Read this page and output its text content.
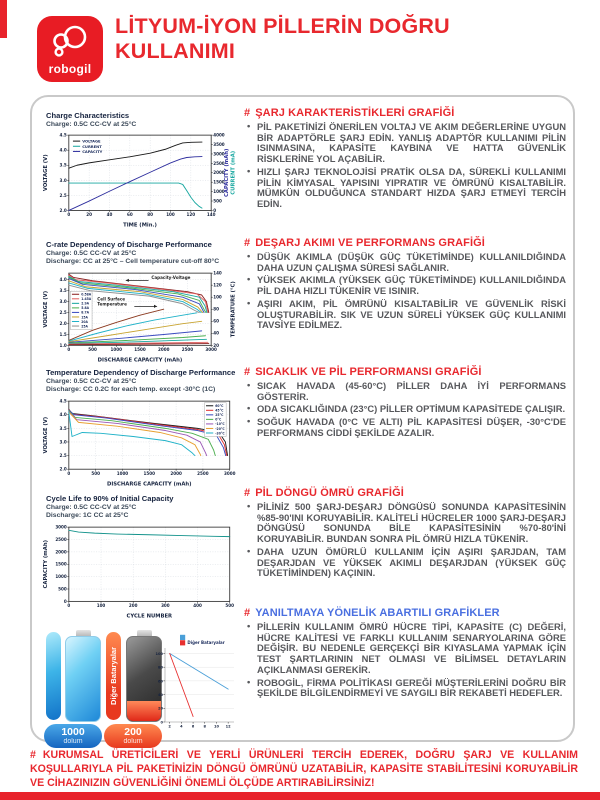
robogil
LİTYUM-İYON PİLLERİN DOĞRU
KULLANIMI
Charge Characteristics
Charge: 0.5C CC-CV at 25°C
0	20	40	60	80	100	120	140
2.0
2.5
3.0
3.5
4.0
4.5
0
500
1000
1500
2000
2500
3000
3500
4000
TIME (Min.)
VOLTAGE (V)	CAPACITY (mAh) CURRENT (mA)
VOLTAGE
CURRENT
CAPACITY
C-rate Dependency of Discharge Performance
Charge: 0.5C CC-CV at 25°C
Discharge: CC at 25°C – Cell temperature cut-off 80°C
0	500	1000	1500	2000	2500	3000
1.0
1.5
2.0
2.5
3.0
3.5
4.0
20
40
60
80
100
120
140
DISCHARGE CAPACITY (mAh)
VOLTAGE (V)	TEMPERATURE (°C)
0.58A
1.45A
2.9A
5.8A
8.7A
15A
20A
25A
Capacity-Voltage
Cell Surface
Temperature
Temperature Dependency of Discharge Performance
Charge: 0.5C CC-CV at 25°C
Discharge: CC 0.2C for each temp. except -30°C (1C)
0	500	1000	1500	2000	2500	3000
2.0
2.5
3.0
3.5
4.0
4.5
DISCHARGE CAPACITY (mAh)
VOLTAGE (V)
60°C
45°C
25°C
0°C
-10°C
-20°C
-30°C
Cycle Life to 90% of Initial Capacity
Charge: 0.5C CC-CV at 25°C
Discharge: 1C CC at 25°C
0	100	200	300	400	500
0
500
1000
1500
2000
2500
3000
CYCLE NUMBER
CAPACITY (mAh)
Diğer Bataryalar
1000
dolum
200
dolum
2	4	6	8 10 12
0
20
40
60
80
100
Diğer Bataryalar
# ŞARJ KARAKTERİSTİKLERİ GRAFİĞİ
• PİL PAKETİNİZİ ÖNERİLEN VOLTAJ VE AKIM DEĞERLERİNE UYGUN BİR ADAPTÖRLE ŞARJ EDİN. YANLIŞ ADAPTÖR KULLANIMI PİLİN ISINMASINA, KAPASİTE KAYBINA VE HATTA GÜVENLİK RİSKLERİNE YOL AÇABİLİR.
• HIZLI ŞARJ TEKNOLOJİSİ PRATİK OLSA DA, SÜREKLİ KULLANIMI PİLİN KİMYASAL YAPISINI YIPRATIR VE ÖMRÜNÜ KISALTABİLİR. MÜMKÜN OLDUĞUNCA STANDART HIZDA ŞARJ ETMEYİ TERCİH EDİN.
# DEŞARJ AKIMI VE PERFORMANS GRAFİĞİ
• DÜŞÜK AKIMLA (DÜŞÜK GÜÇ TÜKETİMİNDE) KULLANILDIĞINDA DAHA UZUN ÇALIŞMA SÜRESİ SAĞLANIR.
• YÜKSEK AKIMLA (YÜKSEK GÜÇ TÜKETİMİNDE) KULLANILDIĞINDA PİL DAHA HIZLI TÜKENİR VE ISINIR.
• AŞIRI AKIM, PİL ÖMRÜNÜ KISALTABİLİR VE GÜVENLİK RİSKİ OLUŞTURABİLİR. SIK VE UZUN SÜRELİ YÜKSEK GÜÇ KULLANIMI TAVSİYE EDİLMEZ.
# SICAKLIK VE PİL PERFORMANSI GRAFİĞİ
• SICAK HAVADA (45-60°C) PİLLER DAHA İYİ PERFORMANS GÖSTERİR.
• ODA SICAKLIĞINDA (23°C) PİLLER OPTİMUM KAPASİTEDE ÇALIŞIR.
• SOĞUK HAVADA (0°C VE ALTI) PİL KAPASİTESİ DÜŞER, -30°C'DE PERFORMANS CİDDİ ŞEKİLDE AZALIR.
# PİL DÖNGÜ ÖMRÜ GRAFİĞİ
• PİLİNİZ 500 ŞARJ-DEŞARJ DÖNGÜSÜ SONUNDA KAPASİTESİNİN %85-90'INI KORUYABİLİR. KALİTELİ HÜCRELER 1000 ŞARJ-DEŞARJ DÖNGÜSÜ SONUNDA BİLE KAPASİTESİNİN %70-80'İNİ KORUYABİLİR. BUNDAN SONRA PİL ÖMRÜ HIZLA TÜKENİR.
• DAHA UZUN ÖMÜRLÜ KULLANIM İÇİN AŞIRI ŞARJDAN, TAM DEŞARJDAN VE YÜKSEK AKIMLI DEŞARJDAN (YÜKSEK GÜÇ TÜKETİMİNDEN) KAÇININ.
# YANILTMAYA YÖNELİK ABARTILI GRAFİKLER
• PİLLERİN KULLANIM ÖMRÜ HÜCRE TİPİ, KAPASİTE (C) DEĞERİ, HÜCRE KALİTESİ VE FARKLI KULLANIM SENARYOLARINA GÖRE DEĞİŞİR. BU NEDENLE GERÇEKÇİ BİR KIYASLAMA YAPMAK İÇİN TEST ŞARTLARININ NET OLMASI VE BİLİMSEL DETAYLARIN AÇIKLANMASI GEREKİR.
• ROBOGİL, FİRMA POLİTİKASI GEREĞİ MÜŞTERİLERİNİ DOĞRU BİR ŞEKİLDE BİLGİLENDİRMEYİ VE SAYGILI BİR REKABETİ HEDEFLER.
# KURUMSAL ÜRETİCİLERİ VE YERLİ ÜRÜNLERİ TERCİH EDEREK, DOĞRU ŞARJ VE KULLANIM KOŞULLARIYLA PİL PAKETİNİZİN DÖNGÜ ÖMRÜNÜ UZATABİLİR, KAPASİTE STABİLİTESİNİ KORUYABİLİR VE CİHAZINIZIN GÜVENLİĞİNİ ÖNEMLİ ÖLÇÜDE ARTIRABİLİRSİNİZ!
